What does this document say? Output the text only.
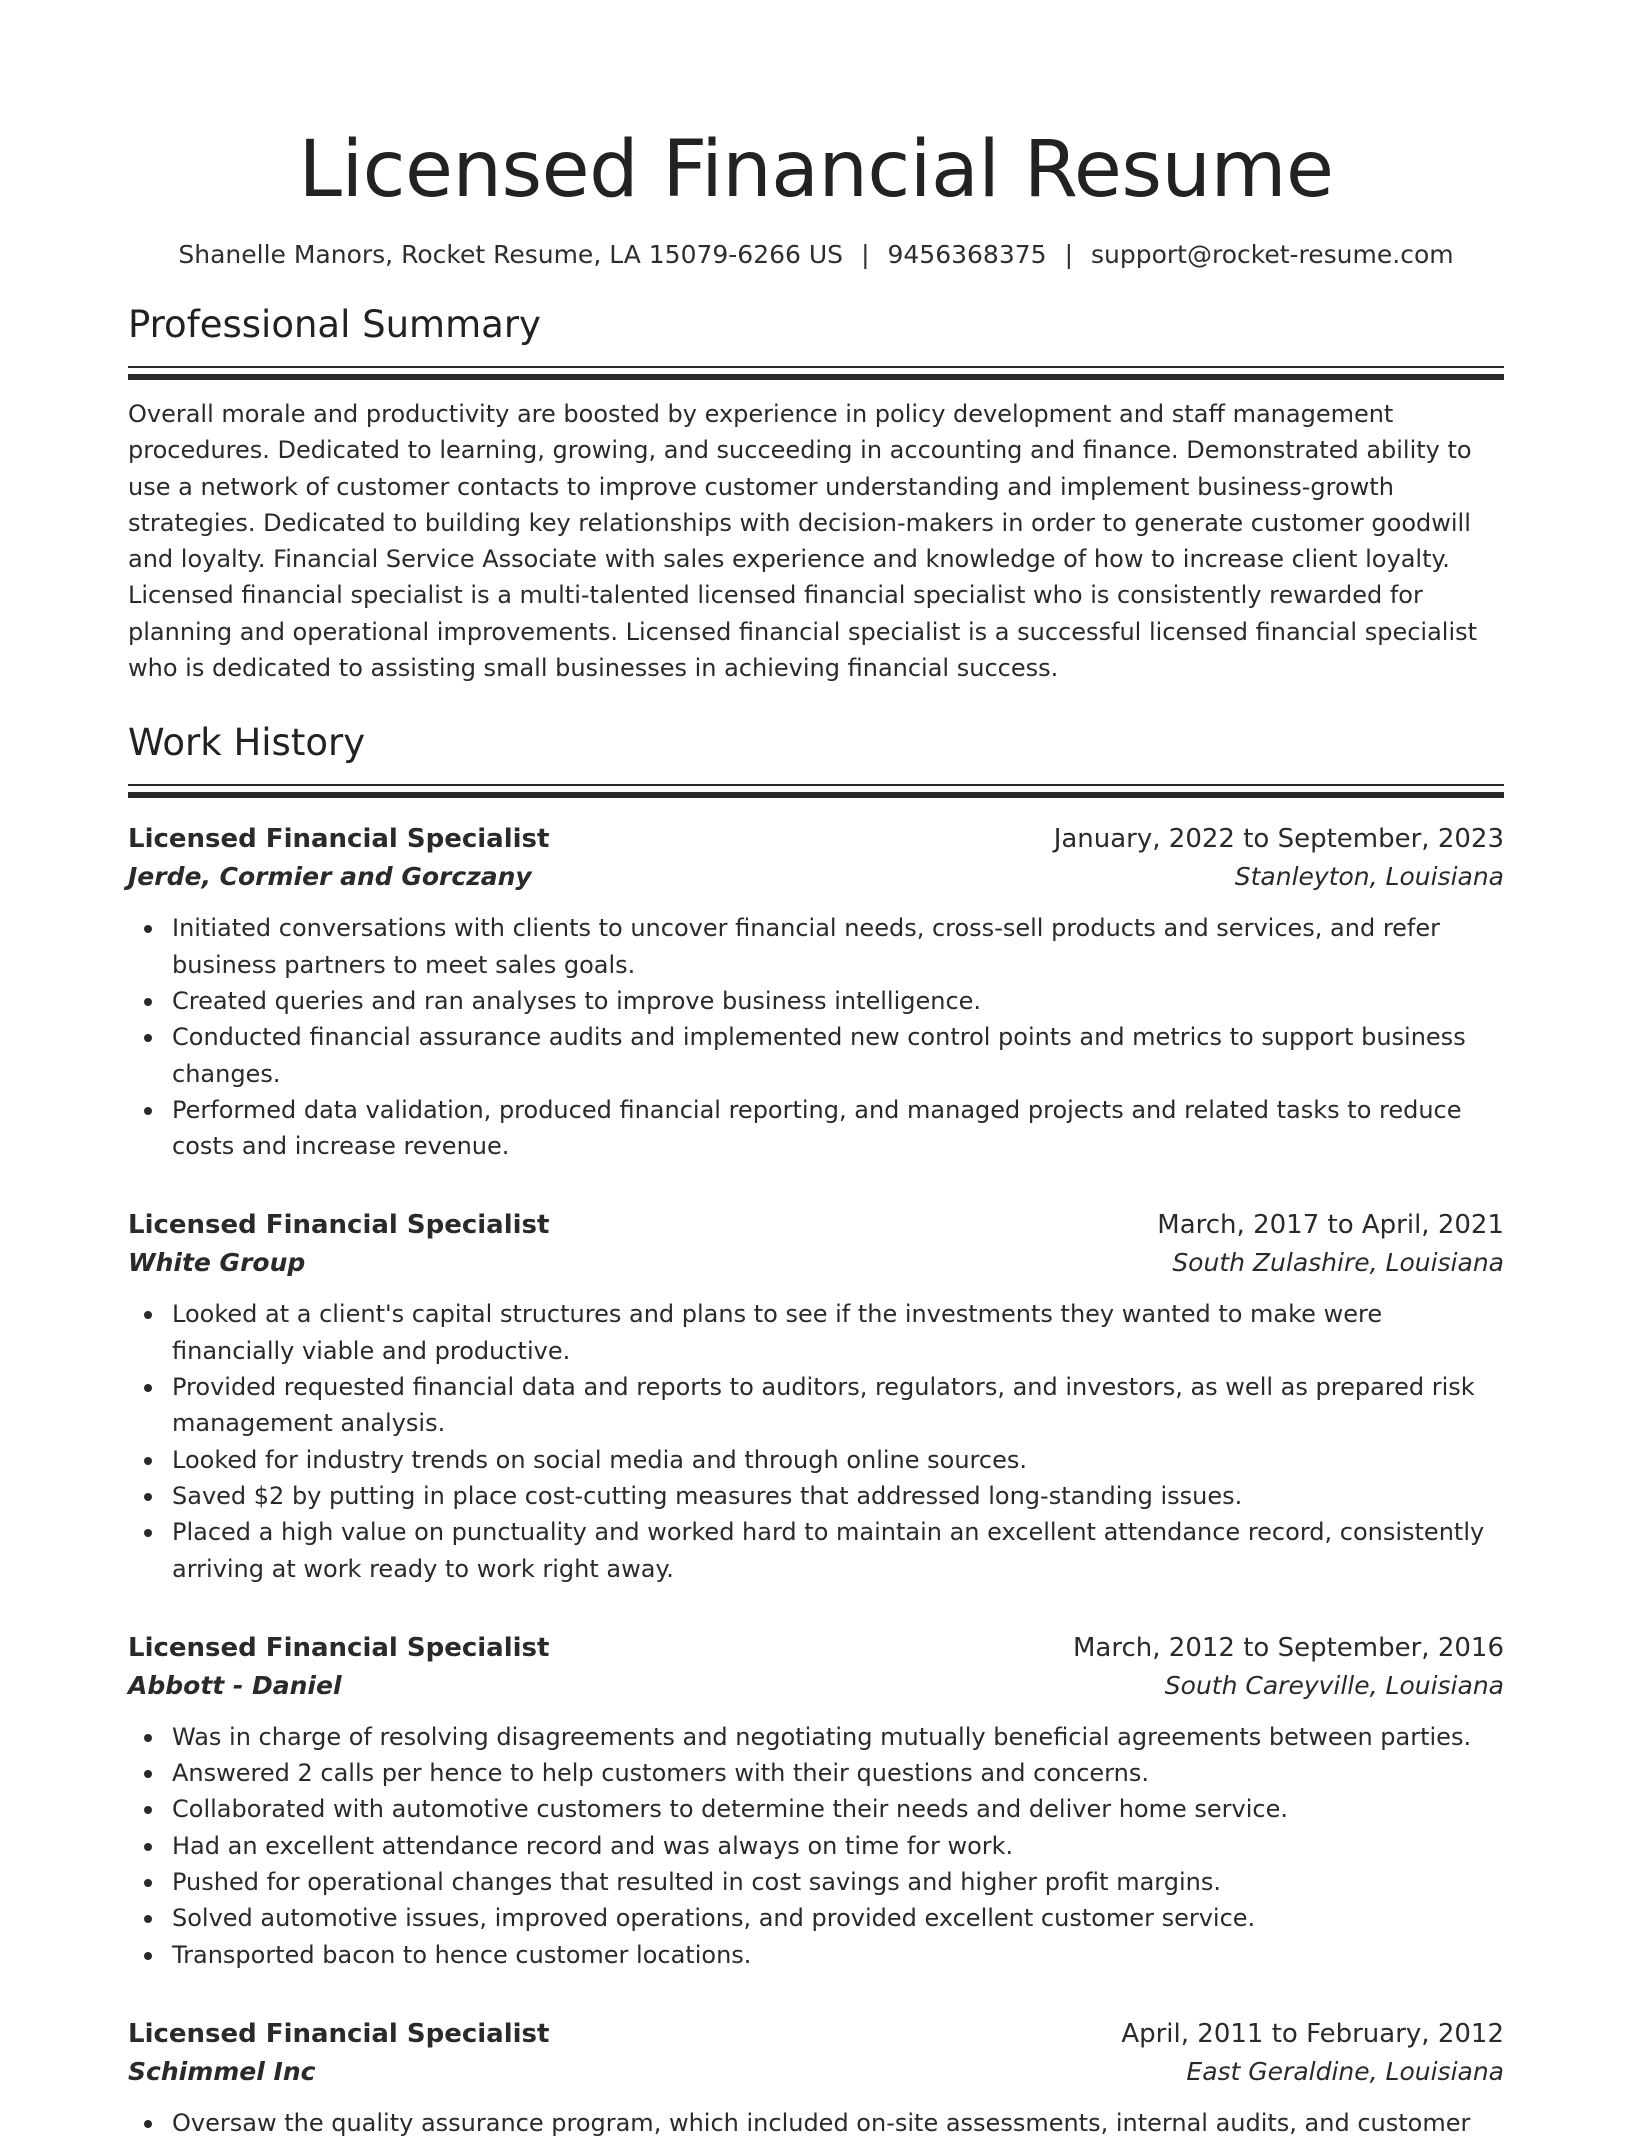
Licensed Financial Resume
Shanelle Manors, Rocket Resume, LA 15079-6266 US | 9456368375 | support@rocket-resume.com
Professional Summary

Overall morale and productivity are boosted by experience in policy development and staff management procedures. Dedicated to learning, growing, and succeeding in accounting and finance. Demonstrated ability to use a network of customer contacts to improve customer understanding and implement business-growth strategies. Dedicated to building key relationships with decision-makers in order to generate customer goodwill and loyalty. Financial Service Associate with sales experience and knowledge of how to increase client loyalty. Licensed financial specialist is a multi-talented licensed financial specialist who is consistently rewarded for planning and operational improvements. Licensed financial specialist is a successful licensed financial specialist who is dedicated to assisting small businesses in achieving financial success.

Work History
Licensed Financial Specialist	January, 2022 to September, 2023
Jerde, Cormier and Gorczany	Stanleyton, Louisiana
Initiated conversations with clients to uncover financial needs, cross-sell products and services, and refer business partners to meet sales goals.
Created queries and ran analyses to improve business intelligence.
Conducted financial assurance audits and implemented new control points and metrics to support business changes.
Performed data validation, produced financial reporting, and managed projects and related tasks to reduce costs and increase revenue.
Licensed Financial Specialist	March, 2017 to April, 2021
White Group	South Zulashire, Louisiana
Looked at a client's capital structures and plans to see if the investments they wanted to make were financially viable and productive.
Provided requested financial data and reports to auditors, regulators, and investors, as well as prepared risk management analysis.
Looked for industry trends on social media and through online sources.
Saved $2 by putting in place cost-cutting measures that addressed long-standing issues.
Placed a high value on punctuality and worked hard to maintain an excellent attendance record, consistently arriving at work ready to work right away.
Licensed Financial Specialist	March, 2012 to September, 2016
Abbott - Daniel	South Careyville, Louisiana
Was in charge of resolving disagreements and negotiating mutually beneficial agreements between parties.
Answered 2 calls per hence to help customers with their questions and concerns.
Collaborated with automotive customers to determine their needs and deliver home service.
Had an excellent attendance record and was always on time for work.
Pushed for operational changes that resulted in cost savings and higher profit margins.
Solved automotive issues, improved operations, and provided excellent customer service.
Transported bacon to hence customer locations.
Licensed Financial Specialist	April, 2011 to February, 2012
Schimmel Inc	East Geraldine, Louisiana
Oversaw the quality assurance program, which included on-site assessments, internal audits, and customer
